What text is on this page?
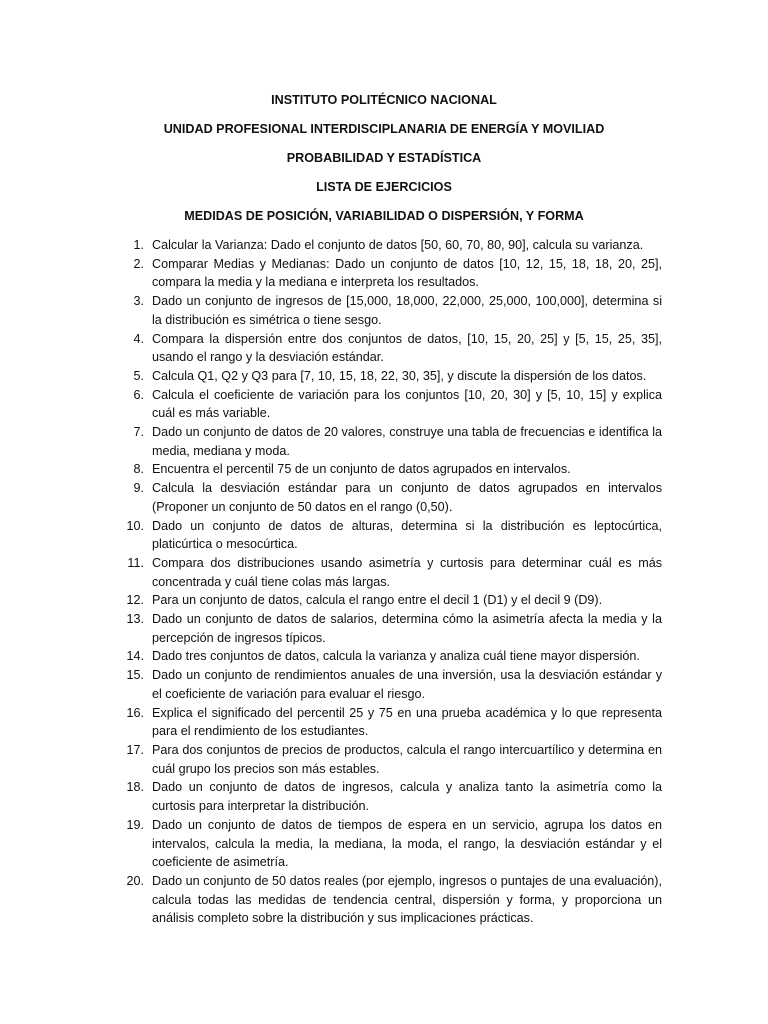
INSTITUTO POLITÉCNICO NACIONAL
UNIDAD PROFESIONAL INTERDISCIPLANARIA DE ENERGÍA Y MOVILIAD
PROBABILIDAD Y ESTADÍSTICA
LISTA DE EJERCICIOS
MEDIDAS DE POSICIÓN, VARIABILIDAD O DISPERSIÓN, Y FORMA
1. Calcular la Varianza: Dado el conjunto de datos [50, 60, 70, 80, 90], calcula su varianza.
2. Comparar Medias y Medianas: Dado un conjunto de datos [10, 12, 15, 18, 18, 20, 25], compara la media y la mediana e interpreta los resultados.
3. Dado un conjunto de ingresos de [15,000, 18,000, 22,000, 25,000, 100,000], determina si la distribución es simétrica o tiene sesgo.
4. Compara la dispersión entre dos conjuntos de datos, [10, 15, 20, 25] y [5, 15, 25, 35], usando el rango y la desviación estándar.
5. Calcula Q1, Q2 y Q3 para [7, 10, 15, 18, 22, 30, 35], y discute la dispersión de los datos.
6. Calcula el coeficiente de variación para los conjuntos [10, 20, 30] y [5, 10, 15] y explica cuál es más variable.
7. Dado un conjunto de datos de 20 valores, construye una tabla de frecuencias e identifica la media, mediana y moda.
8. Encuentra el percentil 75 de un conjunto de datos agrupados en intervalos.
9. Calcula la desviación estándar para un conjunto de datos agrupados en intervalos (Proponer un conjunto de 50 datos en el rango (0,50).
10. Dado un conjunto de datos de alturas, determina si la distribución es leptocúrtica, platicúrtica o mesocúrtica.
11. Compara dos distribuciones usando asimetría y curtosis para determinar cuál es más concentrada y cuál tiene colas más largas.
12. Para un conjunto de datos, calcula el rango entre el decil 1 (D1) y el decil 9 (D9).
13. Dado un conjunto de datos de salarios, determina cómo la asimetría afecta la media y la percepción de ingresos típicos.
14. Dado tres conjuntos de datos, calcula la varianza y analiza cuál tiene mayor dispersión.
15. Dado un conjunto de rendimientos anuales de una inversión, usa la desviación estándar y el coeficiente de variación para evaluar el riesgo.
16. Explica el significado del percentil 25 y 75 en una prueba académica y lo que representa para el rendimiento de los estudiantes.
17. Para dos conjuntos de precios de productos, calcula el rango intercuartílico y determina en cuál grupo los precios son más estables.
18. Dado un conjunto de datos de ingresos, calcula y analiza tanto la asimetría como la curtosis para interpretar la distribución.
19. Dado un conjunto de datos de tiempos de espera en un servicio, agrupa los datos en intervalos, calcula la media, la mediana, la moda, el rango, la desviación estándar y el coeficiente de asimetría.
20. Dado un conjunto de 50 datos reales (por ejemplo, ingresos o puntajes de una evaluación), calcula todas las medidas de tendencia central, dispersión y forma, y proporciona un análisis completo sobre la distribución y sus implicaciones prácticas.
